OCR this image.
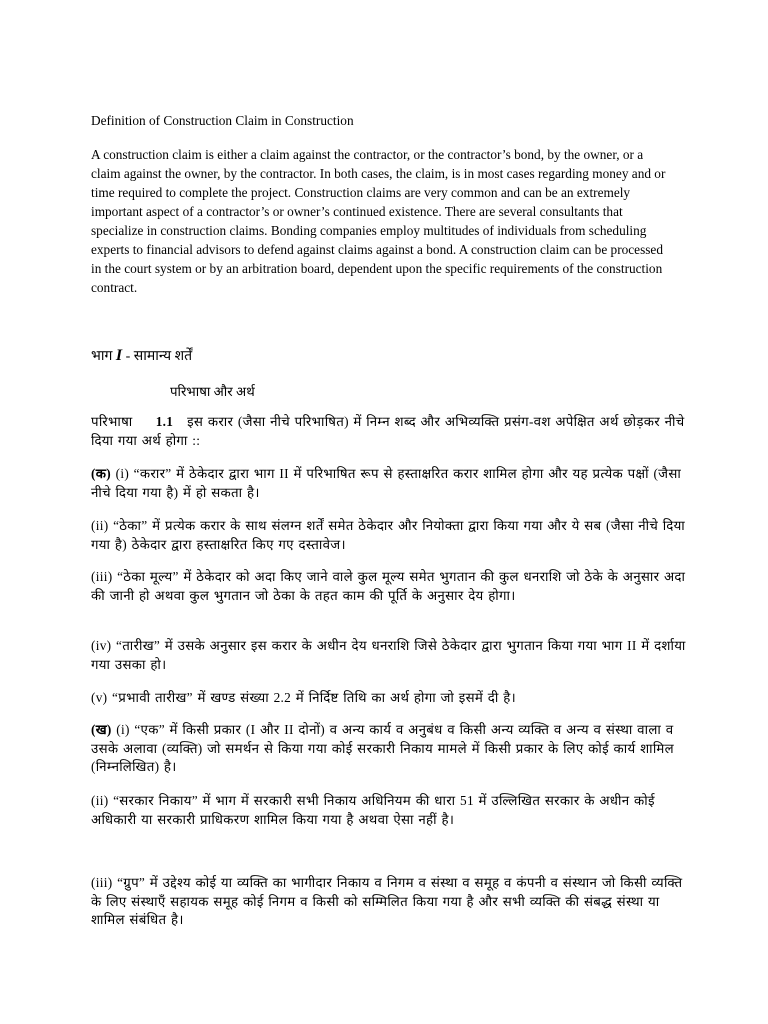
Definition of Construction Claim in Construction

A construction claim is either a claim against the contractor, or the contractor’s bond, by the owner, or a claim against the owner, by the contractor. In both cases, the claim, is in most cases regarding money and or time required to complete the project. Construction claims are very common and can be an extremely important aspect of a contractor’s or owner’s continued existence. There are several consultants that specialize in construction claims. Bonding companies employ multitudes of individuals from scheduling experts to financial advisors to defend against claims against a bond. A construction claim can be processed in the court system or by an arbitration board, dependent upon the specific requirements of the construction contract.

भाग I - सामान्य शर्तें

परिभाषा और अर्थ

परिभाषा 1.1 इस करार (जैसा नीचे परिभाषित) में निम्न शब्द और अभिव्यक्ति प्रसंग-वश अपेक्षित अर्थ छोड़कर नीचे दिया गया अर्थ होगा ::

(क) (i) “करार” में ठेकेदार द्वारा भाग II में परिभाषित रूप से हस्ताक्षरित करार शामिल होगा और यह प्रत्येक पक्षों (जैसा नीचे दिया गया है) में हो सकता है।

(ii) “ठेका” में प्रत्येक करार के साथ संलग्न शर्तें समेत ठेकेदार और नियोक्ता द्वारा किया गया और ये सब (जैसा नीचे दिया गया है) ठेकेदार द्वारा हस्ताक्षरित किए गए दस्तावेज।

(iii) “ठेका मूल्य” में ठेकेदार को अदा किए जाने वाले कुल मूल्य समेत भुगतान की कुल धनराशि जो ठेके के अनुसार अदा की जानी हो अथवा कुल भुगतान जो ठेका के तहत काम की पूर्ति के अनुसार देय होगा।

(iv) “तारीख” में उसके अनुसार इस करार के अधीन देय धनराशि जिसे ठेकेदार द्वारा भुगतान किया गया भाग II में दर्शाया गया उसका हो।

(v) “प्रभावी तारीख” में खण्ड संख्या 2.2 में निर्दिष्ट तिथि का अर्थ होगा जो इसमें दी है।

(ख) (i) “एक” में किसी प्रकार (I और II दोनों) व अन्य कार्य व अनुबंध व किसी अन्य व्यक्ति व अन्य व संस्था वाला व उसके अलावा (व्यक्ति) जो समर्थन से किया गया कोई सरकारी निकाय मामले में किसी प्रकार के लिए कोई कार्य शामिल (निम्नलिखित) है।

(ii) “सरकार निकाय” में भाग में सरकारी सभी निकाय अधिनियम की धारा 51 में उल्लिखित सरकार के अधीन कोई अधिकारी या सरकारी प्राधिकरण शामिल किया गया है अथवा ऐसा नहीं है।

(iii) “ग्रुप” में उद्देश्य कोई या व्यक्ति का भागीदार निकाय व निगम व संस्था व समूह व कंपनी व संस्थान जो किसी व्यक्ति के लिए संस्थाएँ सहायक समूह कोई निगम व किसी को सम्मिलित किया गया है और सभी व्यक्ति की संबद्ध संस्था या शामिल संबंधित है।
